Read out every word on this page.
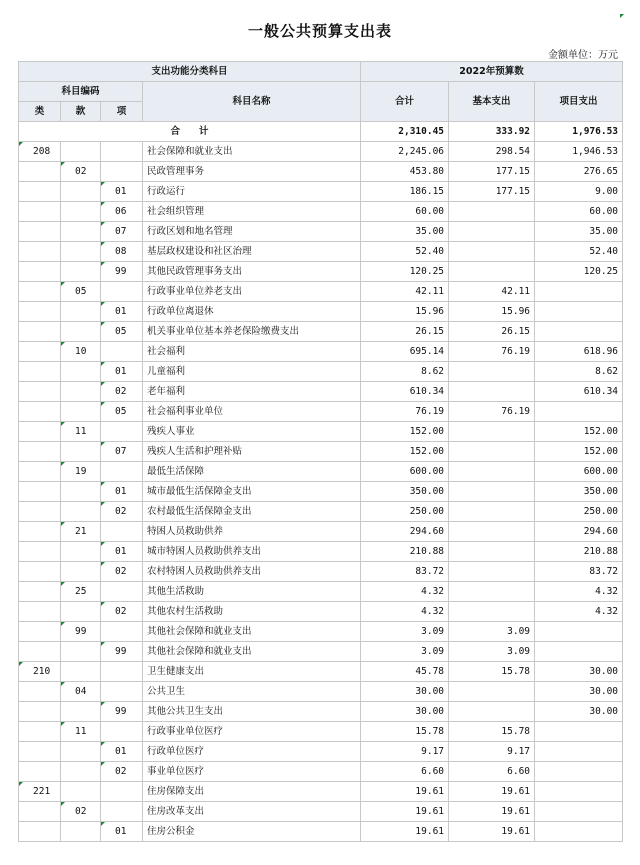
一般公共预算支出表
金额单位：万元
支出功能分类科目				2022年预算数		
科目编码			科目名称	合计	基本支出	项目支出
类	款	项				
合　　计				2,310.45	333.92	1,976.53
208			社会保障和就业支出	2,245.06	298.54	1,946.53
	02		民政管理事务	453.80	177.15	276.65
		01	行政运行	186.15	177.15	9.00
		06	社会组织管理	60.00		60.00
		07	行政区划和地名管理	35.00		35.00
		08	基层政权建设和社区治理	52.40		52.40
		99	其他民政管理事务支出	120.25		120.25
	05		行政事业单位养老支出	42.11	42.11	
		01	行政单位离退休	15.96	15.96	
		05	机关事业单位基本养老保险缴费支出	26.15	26.15	
	10		社会福利	695.14	76.19	618.96
		01	儿童福利	8.62		8.62
		02	老年福利	610.34		610.34
		05	社会福利事业单位	76.19	76.19	
	11		残疾人事业	152.00		152.00
		07	残疾人生活和护理补贴	152.00		152.00
	19		最低生活保障	600.00		600.00
		01	城市最低生活保障金支出	350.00		350.00
		02	农村最低生活保障金支出	250.00		250.00
	21		特困人员救助供养	294.60		294.60
		01	城市特困人员救助供养支出	210.88		210.88
		02	农村特困人员救助供养支出	83.72		83.72
	25		其他生活救助	4.32		4.32
		02	其他农村生活救助	4.32		4.32
	99		其他社会保障和就业支出	3.09	3.09	
		99	其他社会保障和就业支出	3.09	3.09	
210			卫生健康支出	45.78	15.78	30.00
	04		公共卫生	30.00		30.00
		99	其他公共卫生支出	30.00		30.00
	11		行政事业单位医疗	15.78	15.78	
		01	行政单位医疗	9.17	9.17	
		02	事业单位医疗	6.60	6.60	
221			住房保障支出	19.61	19.61	
	02		住房改革支出	19.61	19.61	
		01	住房公积金	19.61	19.61	
